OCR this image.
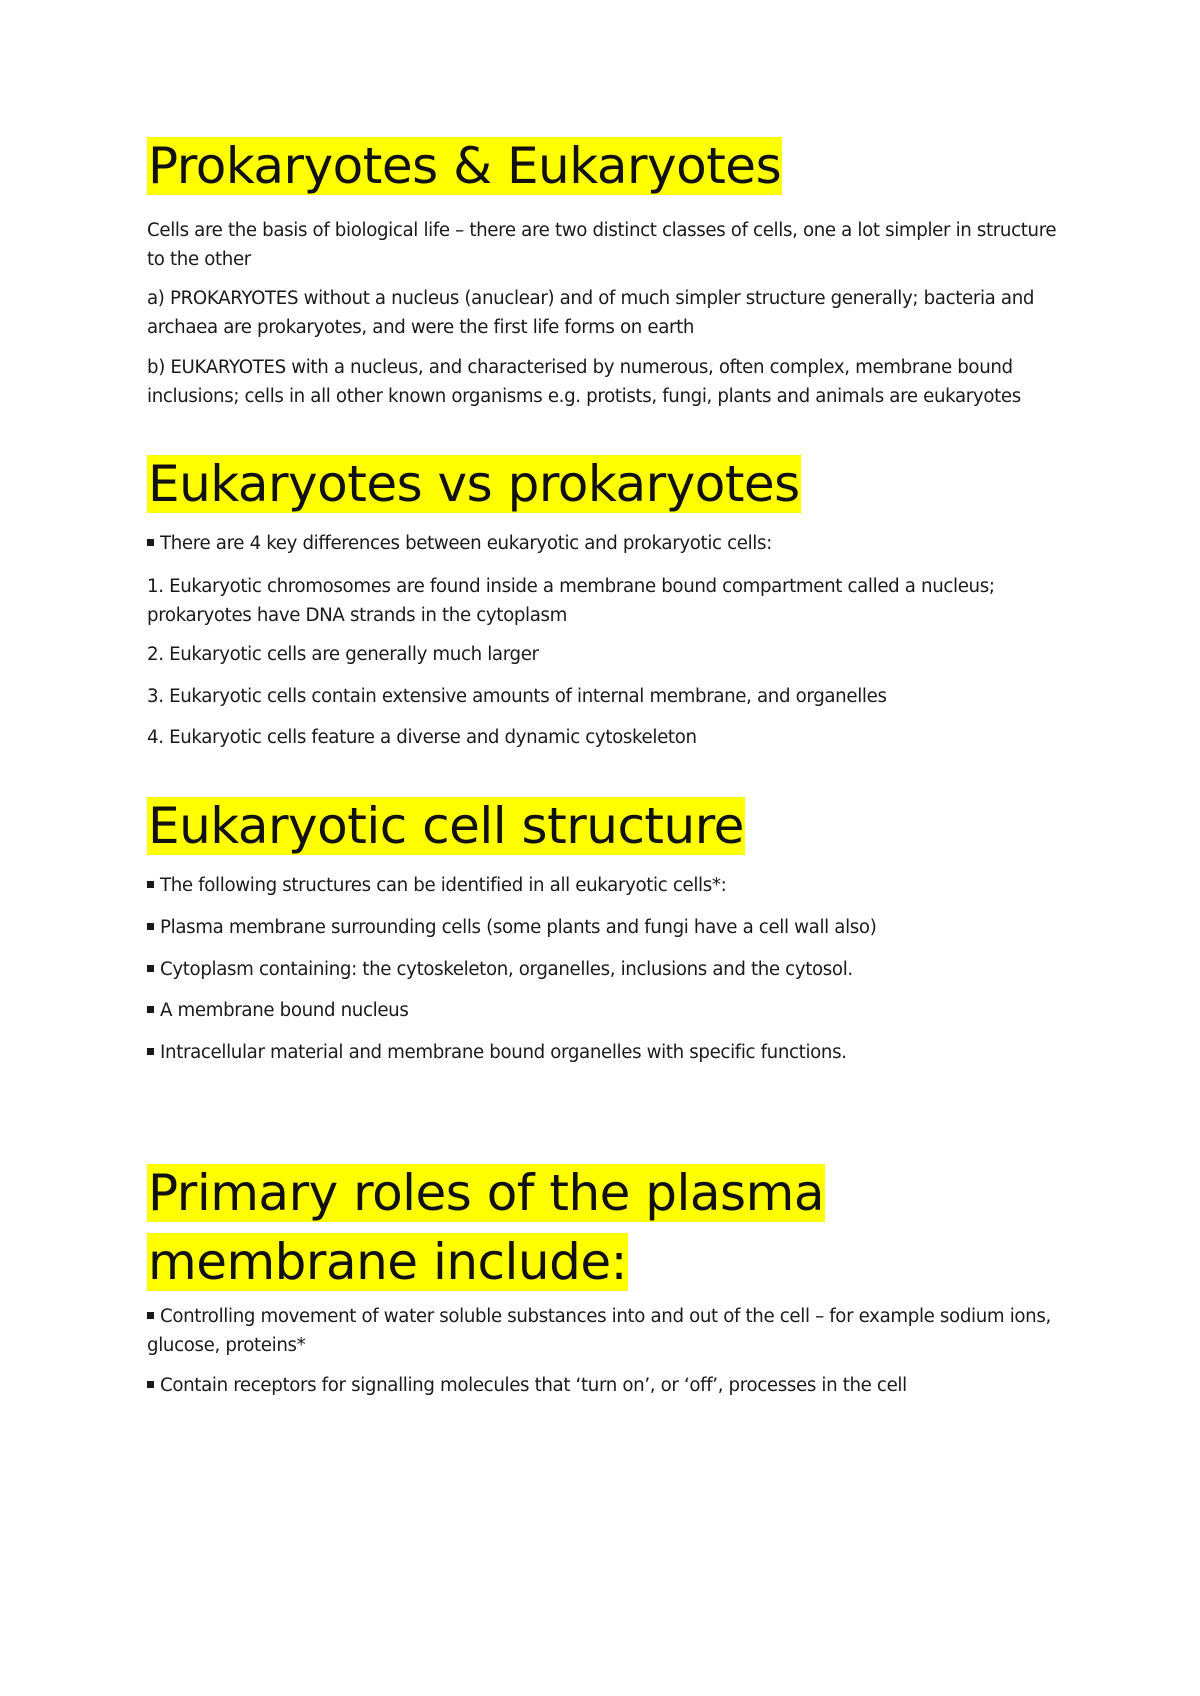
Prokaryotes & Eukaryotes

Cells are the basis of biological life – there are two distinct classes of cells, one a lot simpler in structure to the other

a) PROKARYOTES without a nucleus (anuclear) and of much simpler structure generally; bacteria and archaea are prokaryotes, and were the first life forms on earth

b) EUKARYOTES with a nucleus, and characterised by numerous, often complex, membrane bound inclusions; cells in all other known organisms e.g. protists, fungi, plants and animals are eukaryotes

Eukaryotes vs prokaryotes

There are 4 key differences between eukaryotic and prokaryotic cells:

1. Eukaryotic chromosomes are found inside a membrane bound compartment called a nucleus; prokaryotes have DNA strands in the cytoplasm

2. Eukaryotic cells are generally much larger

3. Eukaryotic cells contain extensive amounts of internal membrane, and organelles

4. Eukaryotic cells feature a diverse and dynamic cytoskeleton

Eukaryotic cell structure

The following structures can be identified in all eukaryotic cells*:

Plasma membrane surrounding cells (some plants and fungi have a cell wall also)

Cytoplasm containing: the cytoskeleton, organelles, inclusions and the cytosol.

A membrane bound nucleus

Intracellular material and membrane bound organelles with specific functions.

Primary roles of the plasma membrane include:

Controlling movement of water soluble substances into and out of the cell – for example sodium ions, glucose, proteins*

Contain receptors for signalling molecules that ‘turn on’, or ‘off’, processes in the cell
